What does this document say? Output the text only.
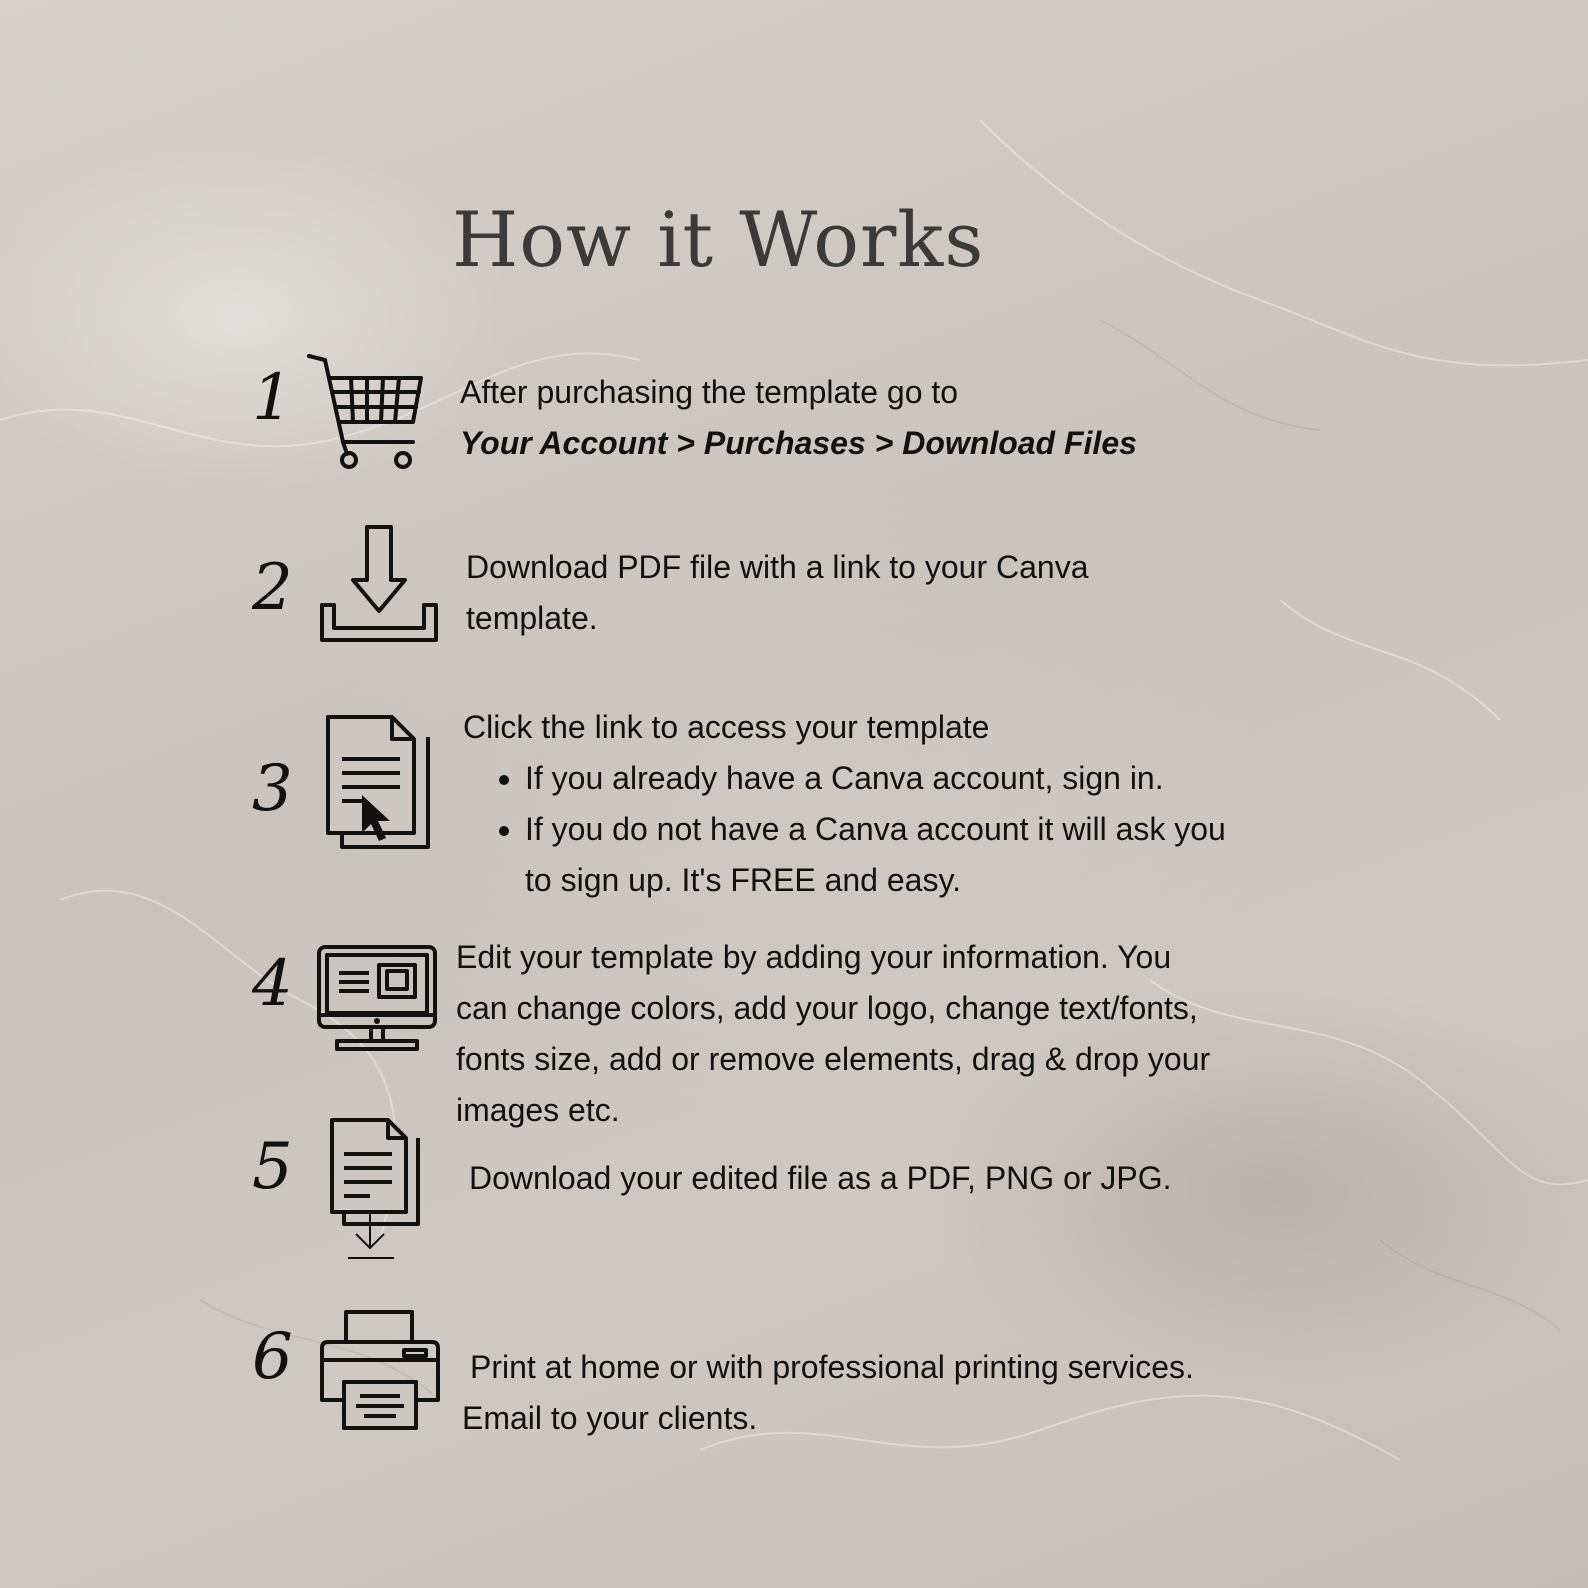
How it Works
1	After purchasing the template go to
Your Account > Purchases > Download Files
2	Download PDF file with a link to your Canva
template.
3
Click the link to access your template
• If you already have a Canva account, sign in.
• If you do not have a Canva account it will ask you
to sign up. It's FREE and easy.
4	Edit your template by adding your information. You
can change colors, add your logo, change text/fonts,
fonts size, add or remove elements, drag & drop your
images etc.
5	Download your edited file as a PDF, PNG or JPG.
6	Print at home or with professional printing services.
Email to your clients.
